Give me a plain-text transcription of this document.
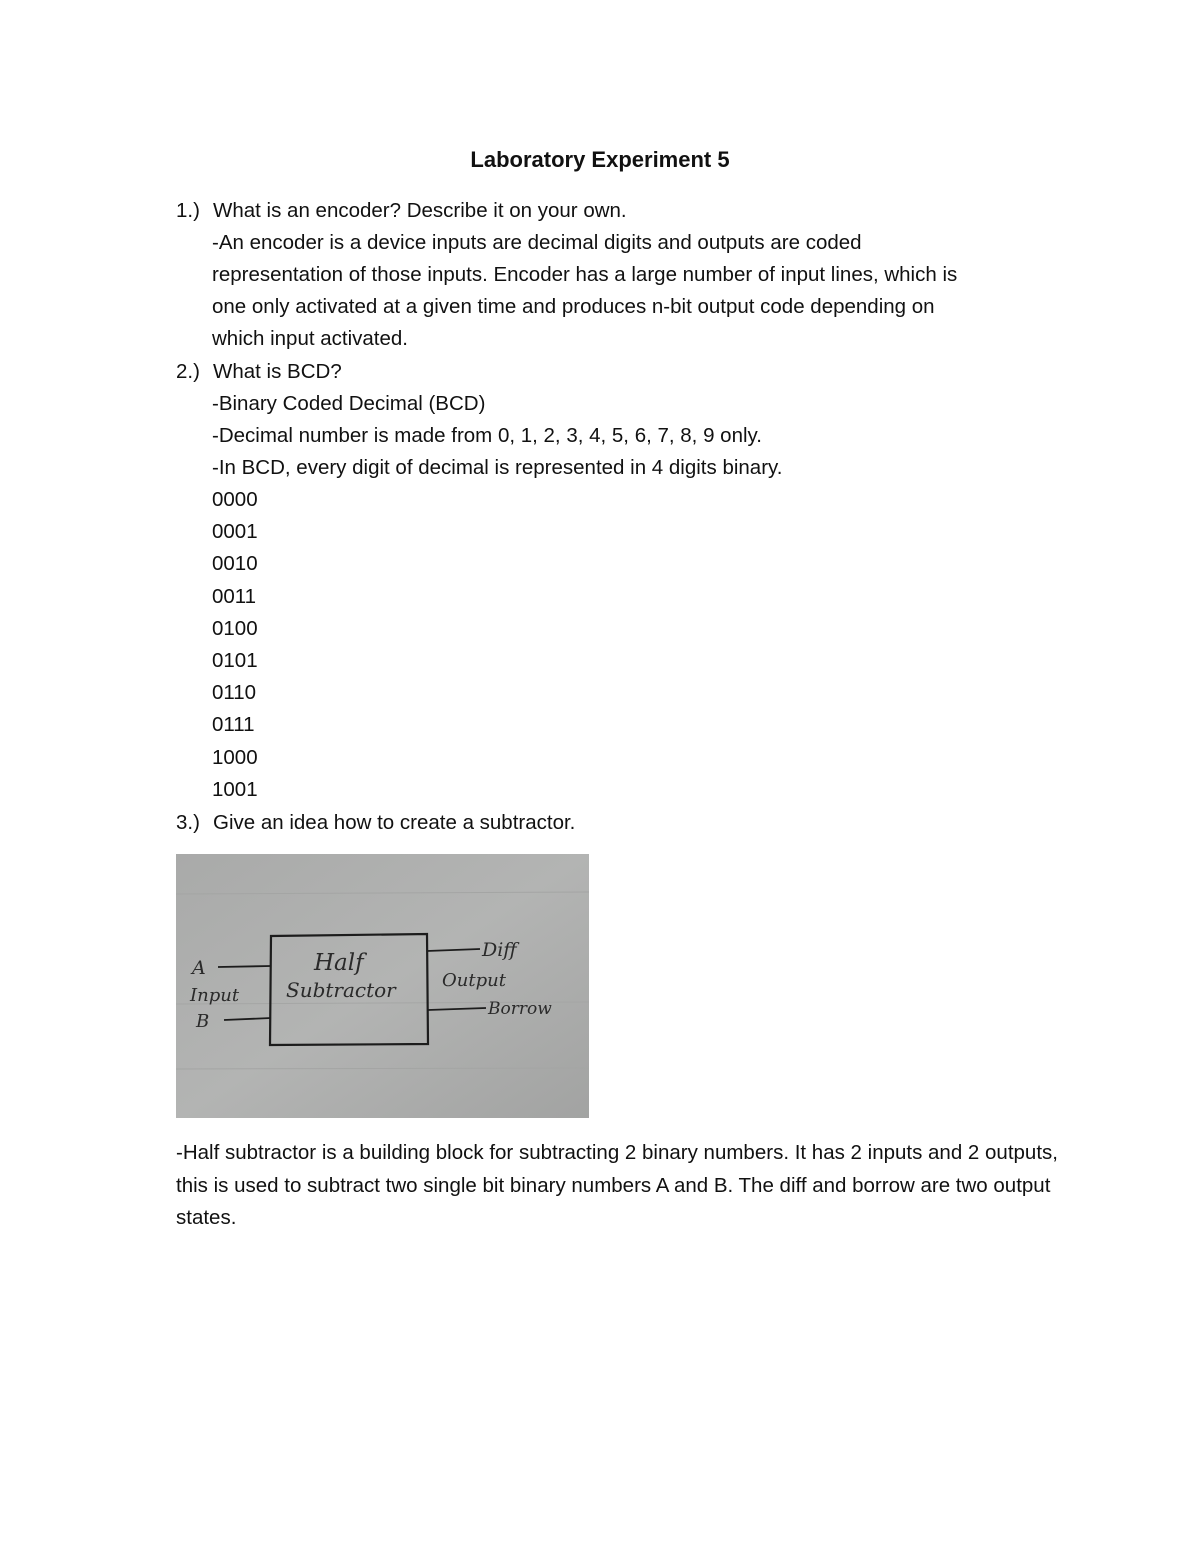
Laboratory Experiment 5
1.) What is an encoder? Describe it on your own.
-An encoder is a device inputs are decimal digits and outputs are coded
representation of those inputs. Encoder has a large number of input lines, which is
one only activated at a given time and produces n-bit output code depending on
which input activated.
2.) What is BCD?
-Binary Coded Decimal (BCD)
-Decimal number is made from 0, 1, 2, 3, 4, 5, 6, 7, 8, 9 only.
-In BCD, every digit of decimal is represented in 4 digits binary.
0000
0001
0010
0011
0100
0101
0110
0111
1000
1001
3.) Give an idea how to create a subtractor.
Half
Subtractor
A
Input
B
Diff
Output
Borrow
-Half subtractor is a building block for subtracting 2 binary numbers. It has 2 inputs and 2 outputs, this is used to subtract two single bit binary numbers A and B. The diff and borrow are two output states.
